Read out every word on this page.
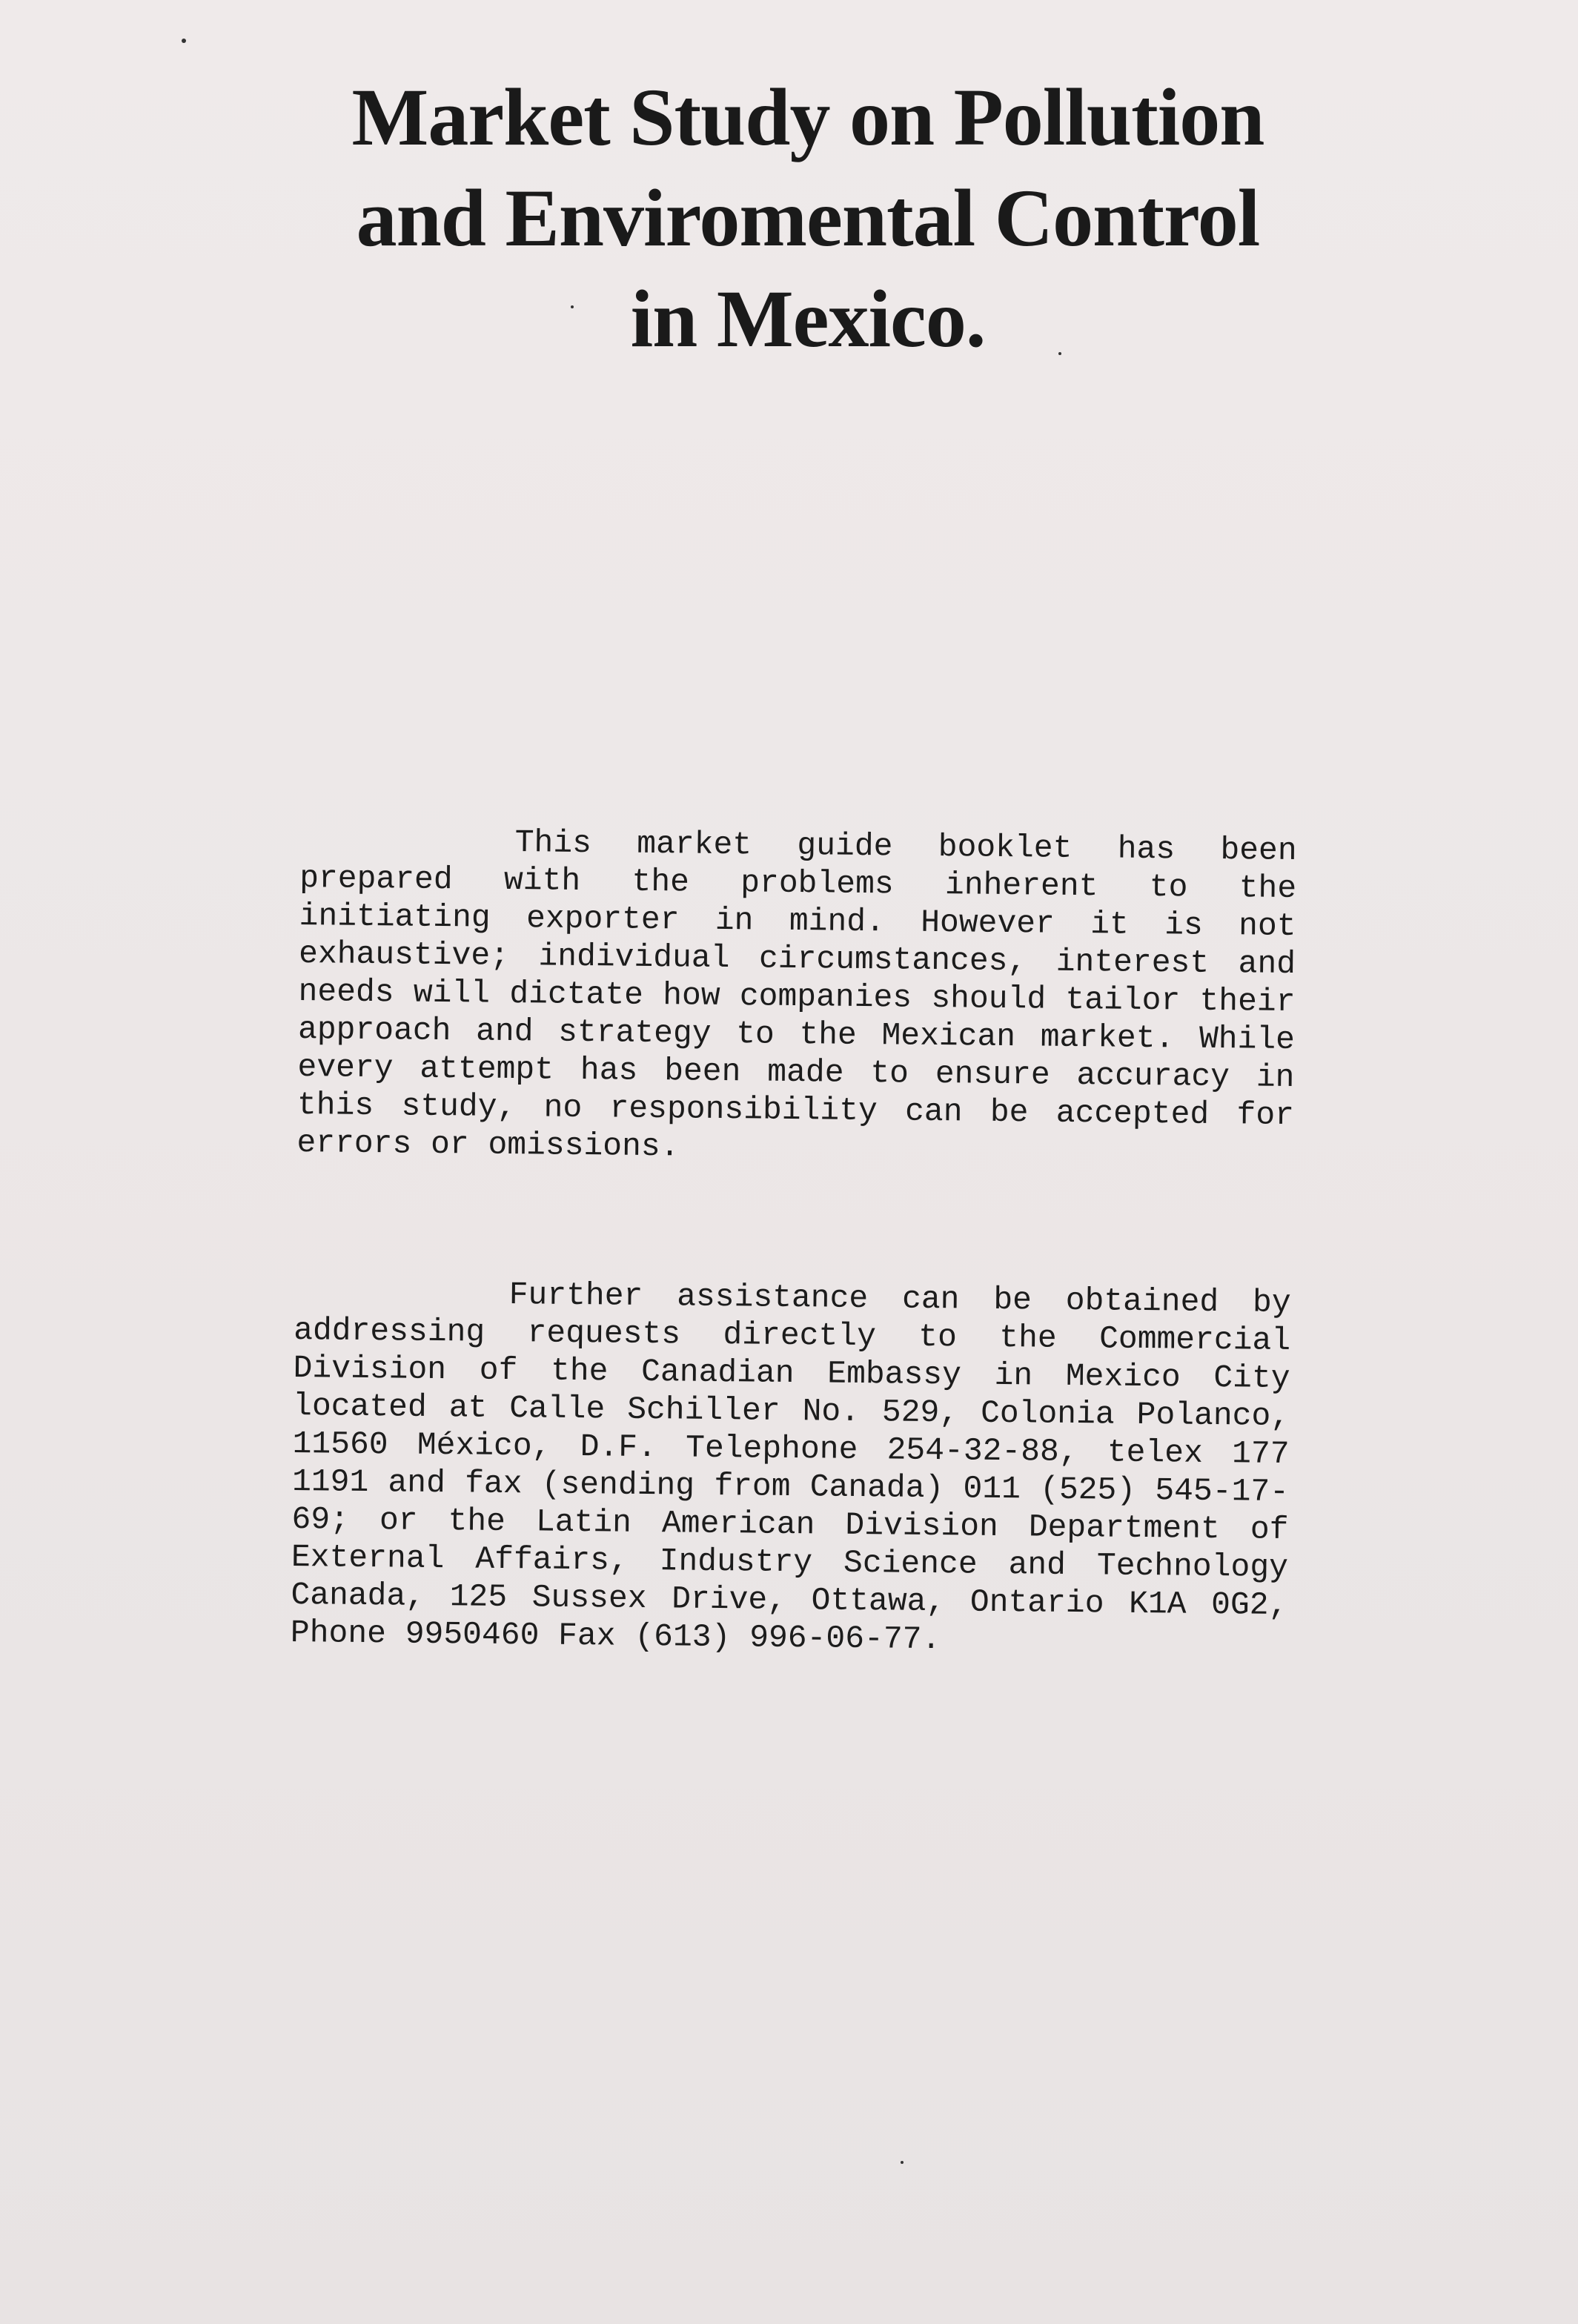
Market Study on Pollution
and Enviromental Control
in Mexico.

This market guide booklet has been prepared with the problems inherent to the initiating exporter in mind. However it is not exhaustive; individual circumstances, interest and needs will dictate how companies should tailor their approach and strategy to the Mexican market. While every attempt has been made to ensure accuracy in this study, no responsibility can be accepted for errors or omissions.

Further assistance can be obtained by addressing requests directly to the Commercial Division of the Canadian Embassy in Mexico City located at Calle Schiller No. 529, Colonia Polanco, 11560 México, D.F. Telephone 254-32-88, telex 177 1191 and fax (sending from Canada) 011 (525) 545-17-69; or the Latin American Division Department of External Affairs, Industry Science and Technology Canada, 125 Sussex Drive, Ottawa, Ontario K1A 0G2, Phone 9950460 Fax (613) 996-06-77.
